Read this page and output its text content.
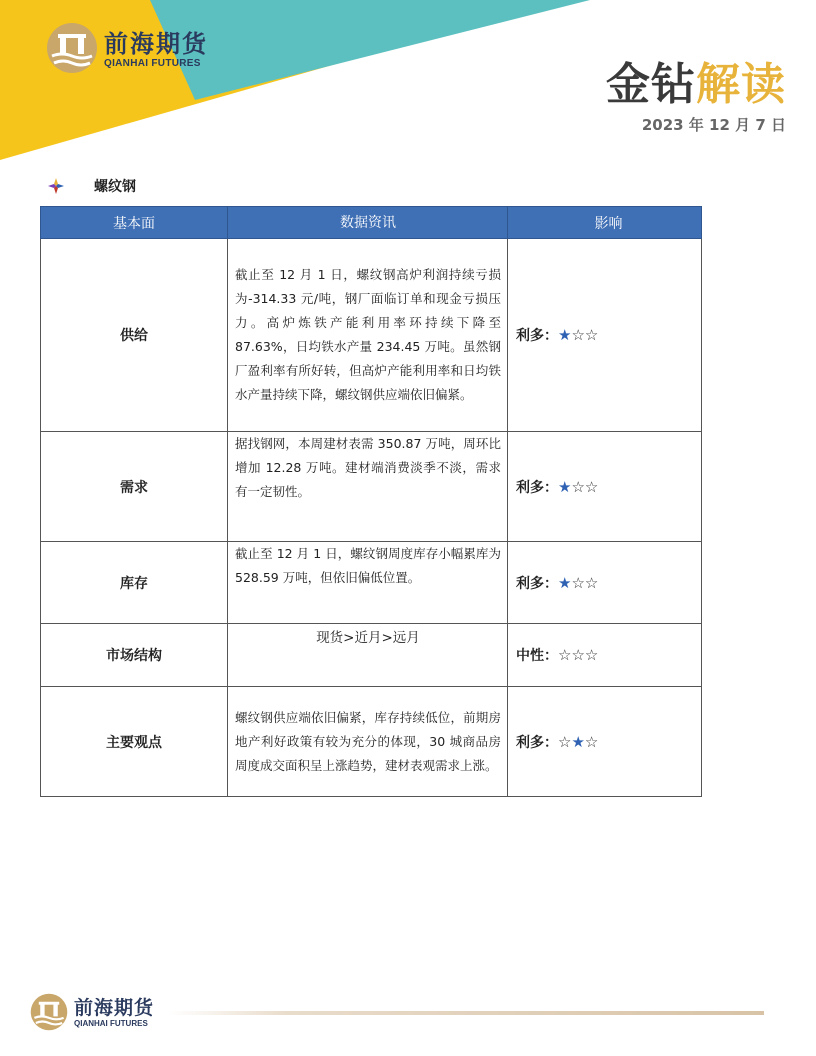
前海期货
QIANHAI FUTURES	金钻解读
2023 年 12 月 7 日
螺纹钢
基本面	数据资讯	影响
供给	截止至 12 月 1 日，螺纹钢高炉利润持续亏损为-314.33 元/吨，钢厂面临订单和现金亏损压力。高炉炼铁产能利用率环持续下降至 87.63%，日均铁水产量 234.45 万吨。虽然钢厂盈利率有所好转，但高炉产能利用率和日均铁水产量持续下降，螺纹钢供应端依旧偏紧。	利多：★☆☆
需求	据找钢网，本周建材表需 350.87 万吨，周环比增加 12.28 万吨。建材端消费淡季不淡，需求有一定韧性。	利多：★☆☆
库存	截止至 12 月 1 日，螺纹钢周度库存小幅累库为 528.59 万吨，但依旧偏低位置。	利多：★☆☆
市场结构	现货>近月>远月	中性：☆☆☆
主要观点	螺纹钢供应端依旧偏紧，库存持续低位，前期房地产利好政策有较为充分的体现，30 城商品房周度成交面积呈上涨趋势，建材表观需求上涨。	利多：☆★☆
前海期货
QIANHAI FUTURES
